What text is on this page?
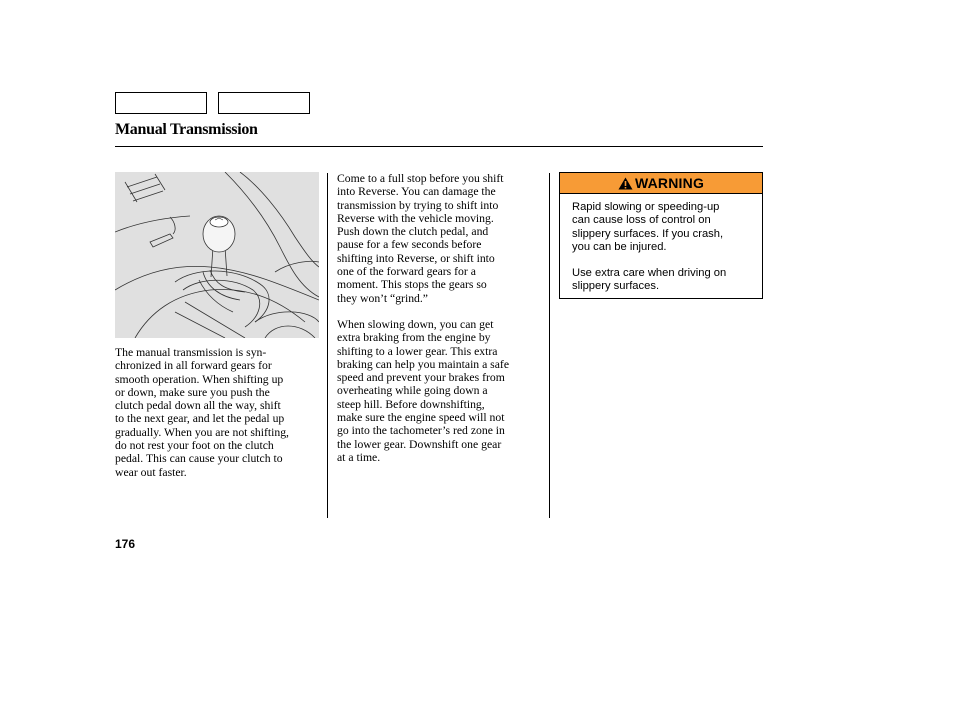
Manual Transmission
The manual transmission is syn-
chronized in all forward gears for
smooth operation. When shifting up
or down, make sure you push the
clutch pedal down all the way, shift
to the next gear, and let the pedal up
gradually. When you are not shifting,
do not rest your foot on the clutch
pedal. This can cause your clutch to
wear out faster.
Come to a full stop before you shift
into Reverse. You can damage the
transmission by trying to shift into
Reverse with the vehicle moving.
Push down the clutch pedal, and
pause for a few seconds before
shifting into Reverse, or shift into
one of the forward gears for a
moment. This stops the gears so
they won’t “grind.”
When slowing down, you can get
extra braking from the engine by
shifting to a lower gear. This extra
braking can help you maintain a safe
speed and prevent your brakes from
overheating while going down a
steep hill. Before downshifting,
make sure the engine speed will not
go into the tachometer’s red zone in
the lower gear. Downshift one gear
at a time.
WARNING
Rapid slowing or speeding-up
can cause loss of control on
slippery surfaces. If you crash,
you can be injured.
Use extra care when driving on
slippery surfaces.
176
